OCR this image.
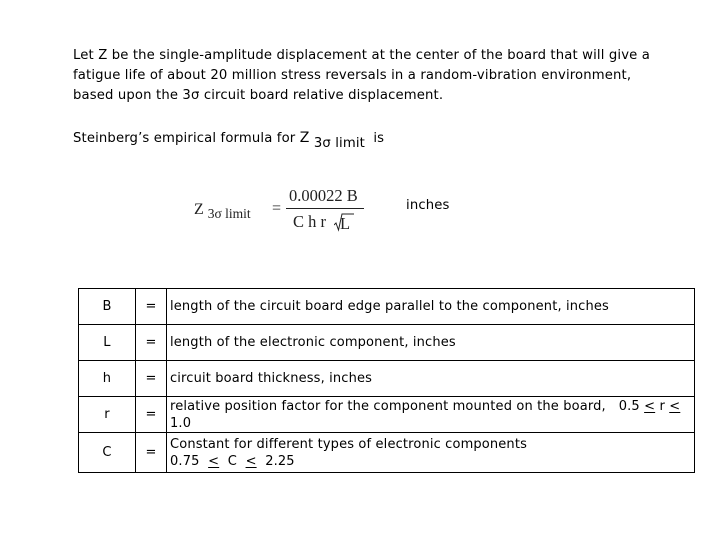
Let Z be the single-amplitude displacement at the center of the board that will give a fatigue life of about 20 million stress reversals in a random-vibration environment, based upon the 3σ circuit board relative displacement.
Steinberg’s empirical formula for Z 3σ limit is
Z $_{3\sigma limit}$ =
0.00022 B
C h r L
inches
B	=	length of the circuit board edge parallel to the component, inches
L	=	length of the electronic component, inches
h	=	circuit board thickness, inches
r	=	relative position factor for the component mounted on the board, 0.5 < r < 1.0
C	=	Constant for different types of electronic components
0.75 < C < 2.25
